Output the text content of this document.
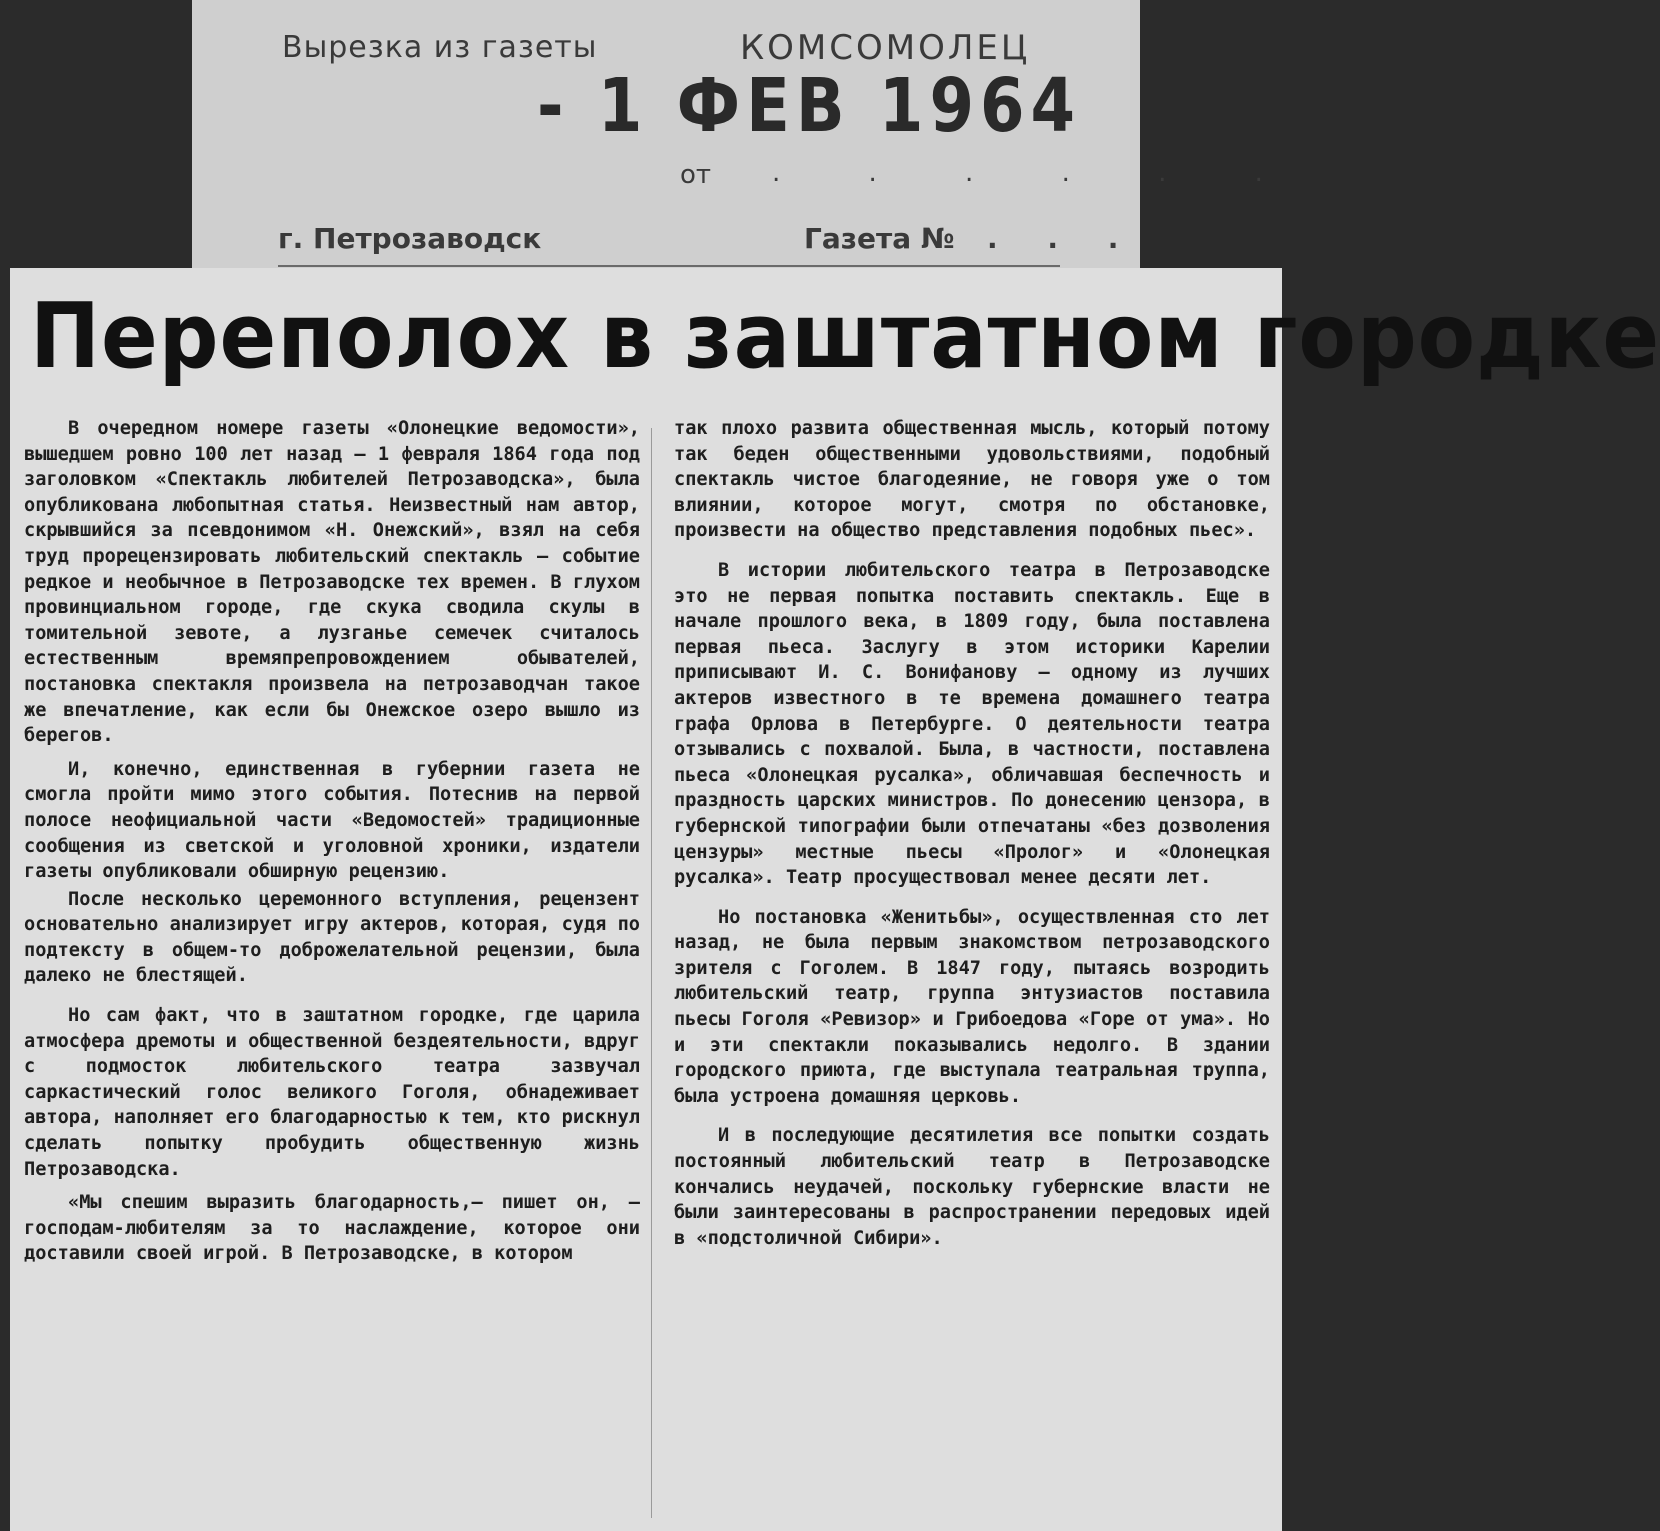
Вырезка из газеты	КОМСОМОЛЕЦ
- 1 ФЕВ 1964
от . . . . . .
г. Петрозаводск	Газета № . . .
Переполох в заштатном городке

В очередном номере газеты «Олонецкие ведомости», вышедшем ровно 100 лет назад — 1 февраля 1864 года под заголовком «Спектакль любителей Петрозаводска», была опубликована любопытная статья. Неизвестный нам автор, скрывшийся за псевдонимом «Н. Онежский», взял на себя труд прорецензировать любительский спектакль — событие редкое и необычное в Петрозаводске тех времен. В глухом провинциальном городе, где скука сводила скулы в томительной зевоте, а лузганье семечек считалось естественным времяпрепровождением обывателей, постановка спектакля произвела на петрозаводчан такое же впечатление, как если бы Онежское озеро вышло из берегов.

И, конечно, единственная в губернии газета не смогла пройти мимо этого события. Потеснив на первой полосе неофициальной части «Ведомостей» традиционные сообщения из светской и уголовной хроники, издатели газеты опубликовали обширную рецензию.

После несколько церемонного вступления, рецензент основательно анализирует игру актеров, которая, судя по подтексту в общем-то доброжелательной рецензии, была далеко не блестящей.

Но сам факт, что в заштатном городке, где царила атмосфера дремоты и общественной бездеятельности, вдруг с подмосток любительского театра зазвучал саркастический голос великого Гоголя, обнадеживает автора, наполняет его благодарностью к тем, кто рискнул сделать попытку пробудить общественную жизнь Петрозаводска.

«Мы спешим выразить благодарность,— пишет он, — господам-любителям за то наслаждение, которое они доставили своей игрой. В Петрозаводске, в котором

так плохо развита общественная мысль, который потому так беден общественными удовольствиями, подобный спектакль чистое благодеяние, не говоря уже о том влиянии, которое могут, смотря по обстановке, произвести на общество представления подобных пьес».

В истории любительского театра в Петрозаводске это не первая попытка поставить спектакль. Еще в начале прошлого века, в 1809 году, была поставлена первая пьеса. Заслугу в этом историки Карелии приписывают И. С. Вонифанову — одному из лучших актеров известного в те времена домашнего театра графа Орлова в Петербурге. О деятельности театра отзывались с похвалой. Была, в частности, поставлена пьеса «Олонецкая русалка», обличавшая беспечность и праздность царских министров. По донесению цензора, в губернской типографии были отпечатаны «без дозволения цензуры» местные пьесы «Пролог» и «Олонецкая русалка». Театр просуществовал менее десяти лет.

Но постановка «Женитьбы», осуществленная сто лет назад, не была первым знакомством петрозаводского зрителя с Гоголем. В 1847 году, пытаясь возродить любительский театр, группа энтузиастов поставила пьесы Гоголя «Ревизор» и Грибоедова «Горе от ума». Но и эти спектакли показывались недолго. В здании городского приюта, где выступала театральная труппа, была устроена домашняя церковь.

И в последующие десятилетия все попытки создать постоянный любительский театр в Петрозаводске кончались неудачей, поскольку губернские власти не были заинтересованы в распространении передовых идей в «подстоличной Сибири».
